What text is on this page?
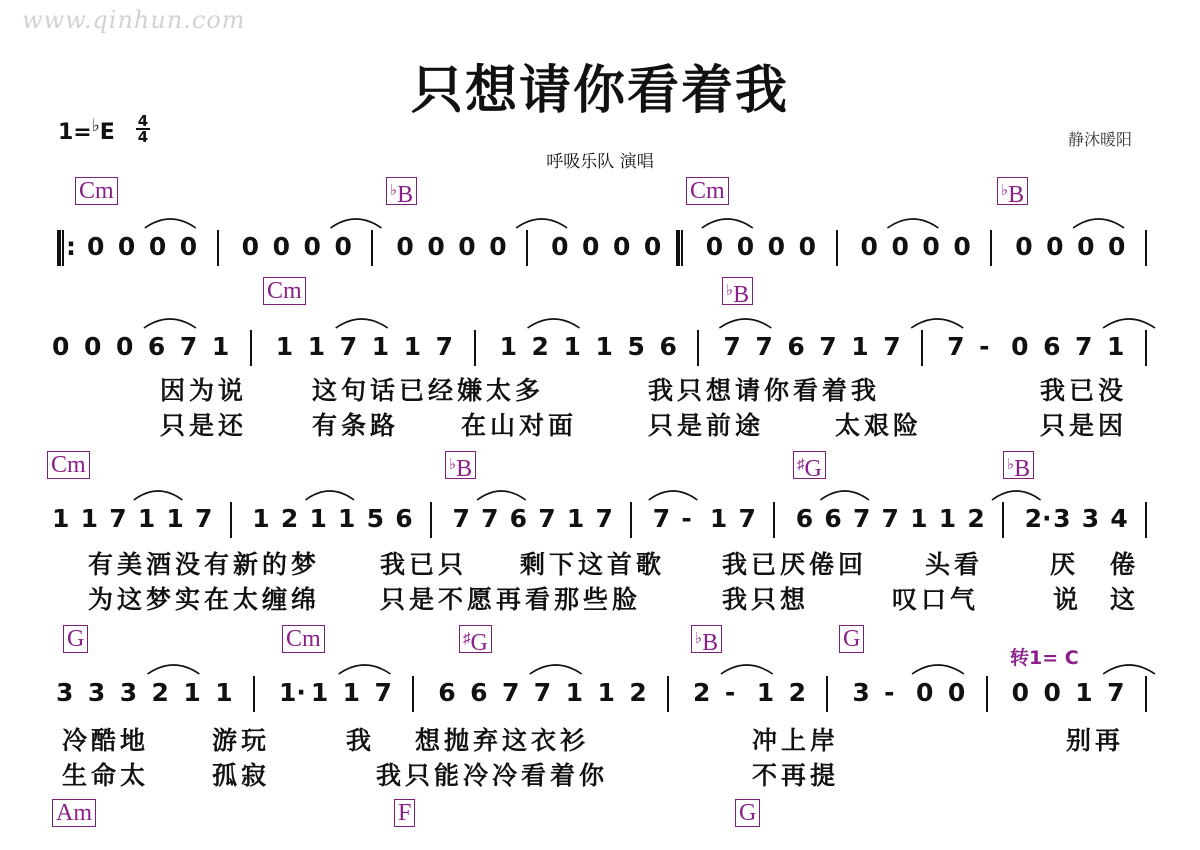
www.qinhun.com
只想请你看着我
1=♭E 4
4
呼吸乐队 演唱
静沐暖阳
转1= C
Cm	♭B	Cm	♭B
Cm	♭B
Cm	♭B	♯G	♭B
G	Cm	♯G	♭B	G
Am	F	G
: 0 0 0 0 0 0 0 0 0 0 0 0 0 0 0 0 0 0 0 0 0 0 0 0 0 0 0 0
0 0 0 6 7 1 1 1 7 1 1 7 1 2 1 1 5 6 7 7 6 7 1 7 7 - 0 6 7 1
1 1 7 1 1 7 1 2 1 1 5 6 7 7 6 7 1 7 7 - 1 7 6 6 7 7 1 1 2 2· 3 3 4
3 3 3 2 1 1 1· 1 1 7 6 6 7 7 1 1 2 2 - 1 2 3 - 0 0 0 0 1 7
因为说	这句话已经嫌太多	我只想请你看着我	我已没
只是还	有条路 在山对面	只是前途	太艰险	只是因
有美酒没有新的梦 我已只 剩下这首歌 我已厌倦回 头看	厌 倦
为这梦实在太缠绵 只是不愿再看那些脸	我只想	叹口气	说 这
冷酷地	游玩	我 想抛弃这衣衫	冲上岸	别再
生命太	孤寂	我只能冷冷看着你	不再提
